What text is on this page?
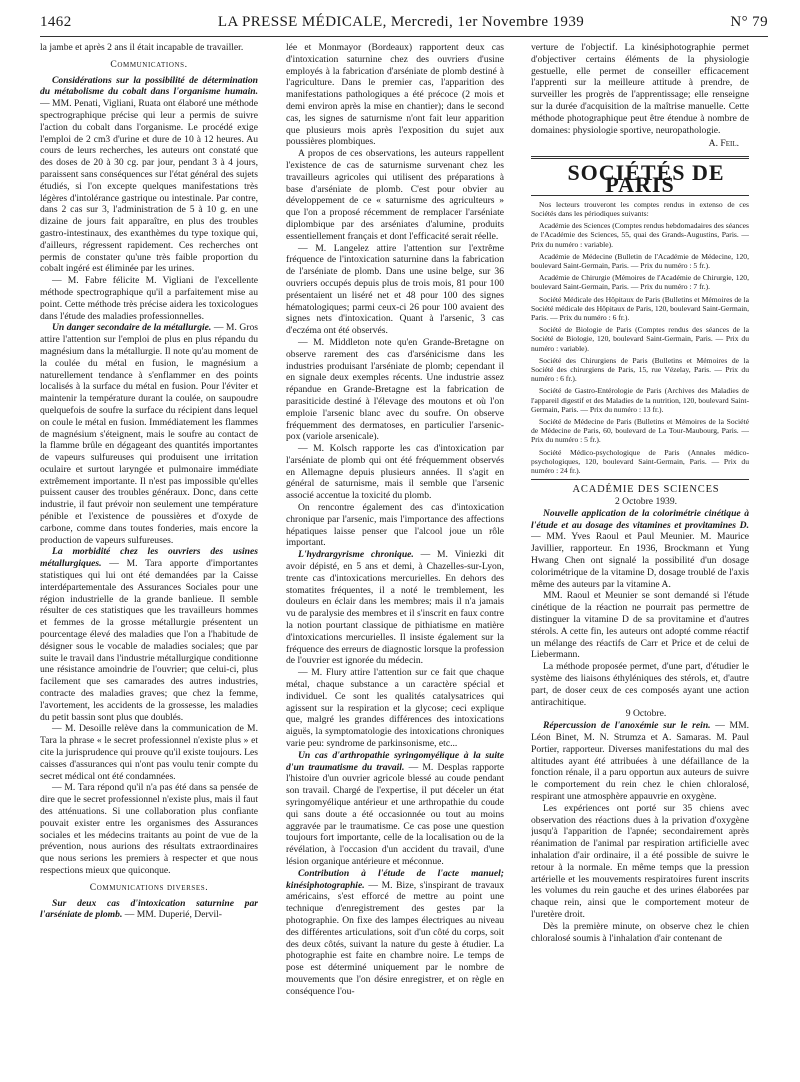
1462	LA PRESSE MÉDICALE, Mercredi, 1er Novembre 1939	N° 79

la jambe et après 2 ans il était incapable de travailler.

Communications.

Considérations sur la possibilité de détermination du métabolisme du cobalt dans l'organisme humain. — MM. Penati, Vigliani, Ruata ont élaboré une méthode spectrographique précise qui leur a permis de suivre l'action du cobalt dans l'organisme. Le procédé exige l'emploi de 2 cm3 d'urine et dure de 10 à 12 heures. Au cours de leurs recherches, les auteurs ont constaté que des doses de 20 à 30 cg. par jour, pendant 3 à 4 jours, paraissent sans conséquences sur l'état général des sujets étudiés, si l'on excepte quelques manifestations très légères d'intolérance gastrique ou intestinale. Par contre, dans 2 cas sur 3, l'administration de 5 à 10 g. en une dizaine de jours fait apparaître, en plus des troubles gastro-intestinaux, des exanthèmes du type toxique qui, d'ailleurs, régressent rapidement. Ces recherches ont permis de constater qu'une très faible proportion du cobalt ingéré est éliminée par les urines.

— M. Fabre félicite M. Vigliani de l'excellente méthode spectrographique qu'il a parfaitement mise au point. Cette méthode très précise aidera les toxicologues dans l'étude des maladies professionnelles.

Un danger secondaire de la métallurgie. — M. Gros attire l'attention sur l'emploi de plus en plus répandu du magnésium dans la métallurgie. Il note qu'au moment de la coulée du métal en fusion, le magnésium a naturellement tendance à s'enflammer en des points localisés à la surface du métal en fusion. Pour l'éviter et maintenir la température durant la coulée, on saupoudre quelquefois de soufre la surface du récipient dans lequel on coule le métal en fusion. Immédiatement les flammes de magnésium s'éteignent, mais le soufre au contact de la flamme brûle en dégageant des quantités importantes de vapeurs sulfureuses qui produisent une irritation oculaire et surtout laryngée et pulmonaire immédiate extrêmement importante. Il n'est pas impossible qu'elles puissent causer des troubles généraux. Donc, dans cette industrie, il faut prévoir non seulement une température pénible et l'existence de poussières et d'oxyde de carbone, comme dans toutes fonderies, mais encore la production de vapeurs sulfureuses.

La morbidité chez les ouvriers des usines métallurgiques. — M. Tara apporte d'importantes statistiques qui lui ont été demandées par la Caisse interdépartementale des Assurances Sociales pour une région industrielle de la grande banlieue. Il semble résulter de ces statistiques que les travailleurs hommes et femmes de la grosse métallurgie présentent un pourcentage élevé des maladies que l'on a l'habitude de désigner sous le vocable de maladies sociales; que par suite le travail dans l'industrie métallurgique conditionne une résistance amoindrie de l'ouvrier; que celui-ci, plus facilement que ses camarades des autres industries, contracte des maladies graves; que chez la femme, l'avortement, les accidents de la grossesse, les maladies du petit bassin sont plus que doublés.

— M. Desoille relève dans la communication de M. Tara la phrase « le secret professionnel n'existe plus » et cite la jurisprudence qui prouve qu'il existe toujours. Les caisses d'assurances qui n'ont pas voulu tenir compte du secret médical ont été condamnées.

— M. Tara répond qu'il n'a pas été dans sa pensée de dire que le secret professionnel n'existe plus, mais il faut des atténuations. Si une collaboration plus confiante pouvait exister entre les organismes des Assurances sociales et les médecins traitants au point de vue de la prévention, nous aurions des résultats extraordinaires que nous serions les premiers à respecter et que nous respections mieux que quiconque.

Communications diverses.

Sur deux cas d'intoxication saturnine par l'arséniate de plomb. — MM. Duperié, Dervil-

lée et Monmayor (Bordeaux) rapportent deux cas d'intoxication saturnine chez des ouvriers d'usine employés à la fabrication d'arséniate de plomb destiné à l'agriculture. Dans le premier cas, l'apparition des manifestations pathologiques a été précoce (2 mois et demi environ après la mise en chantier); dans le second cas, les signes de saturnisme n'ont fait leur apparition que plusieurs mois après l'exposition du sujet aux poussières plombiques.

A propos de ces observations, les auteurs rappellent l'existence de cas de saturnisme survenant chez les travailleurs agricoles qui utilisent des préparations à base d'arséniate de plomb. C'est pour obvier au développement de ce « saturnisme des agriculteurs » que l'on a proposé récemment de remplacer l'arséniate diplombique par des arséniates d'alumine, produits essentiellement français et dont l'efficacité serait réelle.

— M. Langelez attire l'attention sur l'extrême fréquence de l'intoxication saturnine dans la fabrication de l'arséniate de plomb. Dans une usine belge, sur 36 ouvriers occupés depuis plus de trois mois, 81 pour 100 présentaient un liséré net et 48 pour 100 des signes hématologiques; parmi ceux-ci 26 pour 100 avaient des signes nets d'intoxication. Quant à l'arsenic, 3 cas d'eczéma ont été observés.

— M. Middleton note qu'en Grande-Bretagne on observe rarement des cas d'arsénicisme dans les industries produisant l'arséniate de plomb; cependant il en signale deux exemples récents. Une industrie assez répandue en Grande-Bretagne est la fabrication de parasiticide destiné à l'élevage des moutons et où l'on emploie l'arsenic blanc avec du soufre. On observe fréquemment des dermatoses, en particulier l'arsenic-pox (variole arsenicale).

— M. Kolsch rapporte les cas d'intoxication par l'arséniate de plomb qui ont été fréquemment observés en Allemagne depuis plusieurs années. Il s'agit en général de saturnisme, mais il semble que l'arsenic associé accentue la toxicité du plomb.

On rencontre également des cas d'intoxication chronique par l'arsenic, mais l'importance des affections hépatiques laisse penser que l'alcool joue un rôle important.

L'hydrargyrisme chronique. — M. Viniezki dit avoir dépisté, en 5 ans et demi, à Chazelles-sur-Lyon, trente cas d'intoxications mercurielles. En dehors des stomatites fréquentes, il a noté le tremblement, les douleurs en éclair dans les membres; mais il n'a jamais vu de paralysie des membres et il s'inscrit en faux contre la notion pourtant classique de pithiatisme en matière d'intoxications mercurielles. Il insiste également sur la fréquence des erreurs de diagnostic lorsque la profession de l'ouvrier est ignorée du médecin.

— M. Flury attire l'attention sur ce fait que chaque métal, chaque substance a un caractère spécial et individuel. Ce sont les qualités catalysatrices qui agissent sur la respiration et la glycose; ceci explique que, malgré les grandes différences des intoxications aiguës, la symptomatologie des intoxications chroniques varie peu: syndrome de parkinsonisme, etc...

Un cas d'arthropathie syringomyélique à la suite d'un traumatisme du travail. — M. Desplas rapporte l'histoire d'un ouvrier agricole blessé au coude pendant son travail. Chargé de l'expertise, il put déceler un état syringomyélique antérieur et une arthropathie du coude qui sans doute a été occasionnée ou tout au moins aggravée par le traumatisme. Ce cas pose une question toujours fort importante, celle de la localisation ou de la révélation, à l'occasion d'un accident du travail, d'une lésion organique antérieure et méconnue.

Contribution à l'étude de l'acte manuel; kinésiphotographie. — M. Bize, s'inspirant de travaux américains, s'est efforcé de mettre au point une technique d'enregistrement des gestes par la photographie. On fixe des lampes électriques au niveau des différentes articulations, soit d'un côté du corps, soit des deux côtés, suivant la nature du geste à étudier. La photographie est faite en chambre noire. Le temps de pose est déterminé uniquement par le nombre de mouvements que l'on désire enregistrer, et on règle en conséquence l'ou-

verture de l'objectif. La kinésiphotographie permet d'objectiver certains éléments de la physiologie gestuelle, elle permet de conseiller efficacement l'apprenti sur la meilleure attitude à prendre, de surveiller les progrès de l'apprentissage; elle renseigne sur la durée d'acquisition de la maîtrise manuelle. Cette méthode photographique peut être étendue à nombre de domaines: physiologie sportive, neuropathologie.

A. Feil.

SOCIÉTÉS DE PARIS

Nos lecteurs trouveront les comptes rendus in extenso de ces Sociétés dans les périodiques suivants:

Académie des Sciences (Comptes rendus hebdomadaires des séances de l'Académie des Sciences, 55, quai des Grands-Augustins, Paris. — Prix du numéro : variable).

Académie de Médecine (Bulletin de l'Académie de Médecine, 120, boulevard Saint-Germain, Paris. — Prix du numéro : 5 fr.).

Académie de Chirurgie (Mémoires de l'Académie de Chirurgie, 120, boulevard Saint-Germain, Paris. — Prix du numéro : 7 fr.).

Société Médicale des Hôpitaux de Paris (Bulletins et Mémoires de la Société médicale des Hôpitaux de Paris, 120, boulevard Saint-Germain, Paris. — Prix du numéro : 6 fr.).

Société de Biologie de Paris (Comptes rendus des séances de la Société de Biologie, 120, boulevard Saint-Germain, Paris. — Prix du numéro : variable).

Société des Chirurgiens de Paris (Bulletins et Mémoires de la Société des chirurgiens de Paris, 15, rue Vézelay, Paris. — Prix du numéro : 6 fr.).

Société de Gastro-Entérologie de Paris (Archives des Maladies de l'appareil digestif et des Maladies de la nutrition, 120, boulevard Saint-Germain, Paris. — Prix du numéro : 13 fr.).

Société de Médecine de Paris (Bulletins et Mémoires de la Société de Médecine de Paris, 60, boulevard de La Tour-Maubourg, Paris. — Prix du numéro : 5 fr.).

Société Médico-psychologique de Paris (Annales médico-psychologiques, 120, boulevard Saint-Germain, Paris. — Prix du numéro : 24 fr.).

ACADÉMIE DES SCIENCES

2 Octobre 1939.

Nouvelle application de la colorimétrie cinétique à l'étude et au dosage des vitamines et provitamines D. — MM. Yves Raoul et Paul Meunier. M. Maurice Javillier, rapporteur. En 1936, Brockmann et Yung Hwang Chen ont signalé la possibilité d'un dosage colorimétrique de la vitamine D, dosage troublé de l'axis même des auteurs par la vitamine A.

MM. Raoul et Meunier se sont demandé si l'étude cinétique de la réaction ne pourrait pas permettre de distinguer la vitamine D de sa provitamine et d'autres stérols. A cette fin, les auteurs ont adopté comme réactif un mélange des réactifs de Carr et Price et de celui de Liebermann.

La méthode proposée permet, d'une part, d'étudier le système des liaisons éthyléniques des stérols, et, d'autre part, de doser ceux de ces composés ayant une action antirachitique.

9 Octobre.

Répercussion de l'anoxémie sur le rein. — MM. Léon Binet, M. N. Strumza et A. Samaras. M. Paul Portier, rapporteur. Diverses manifestations du mal des altitudes ayant été attribuées à une défaillance de la fonction rénale, il a paru opportun aux auteurs de suivre le comportement du rein chez le chien chloralosé, respirant une atmosphère appauvrie en oxygène.

Les expériences ont porté sur 35 chiens avec observation des réactions dues à la privation d'oxygène jusqu'à l'apparition de l'apnée; secondairement après réanimation de l'animal par respiration artificielle avec inhalation d'air ordinaire, il a été possible de suivre le retour à la normale. En même temps que la pression artérielle et les mouvements respiratoires furent inscrits les volumes du rein gauche et des urines élaborées par chaque rein, ainsi que le comportement moteur de l'uretère droit.

Dès la première minute, on observe chez le chien chloralosé soumis à l'inhalation d'air contenant de
